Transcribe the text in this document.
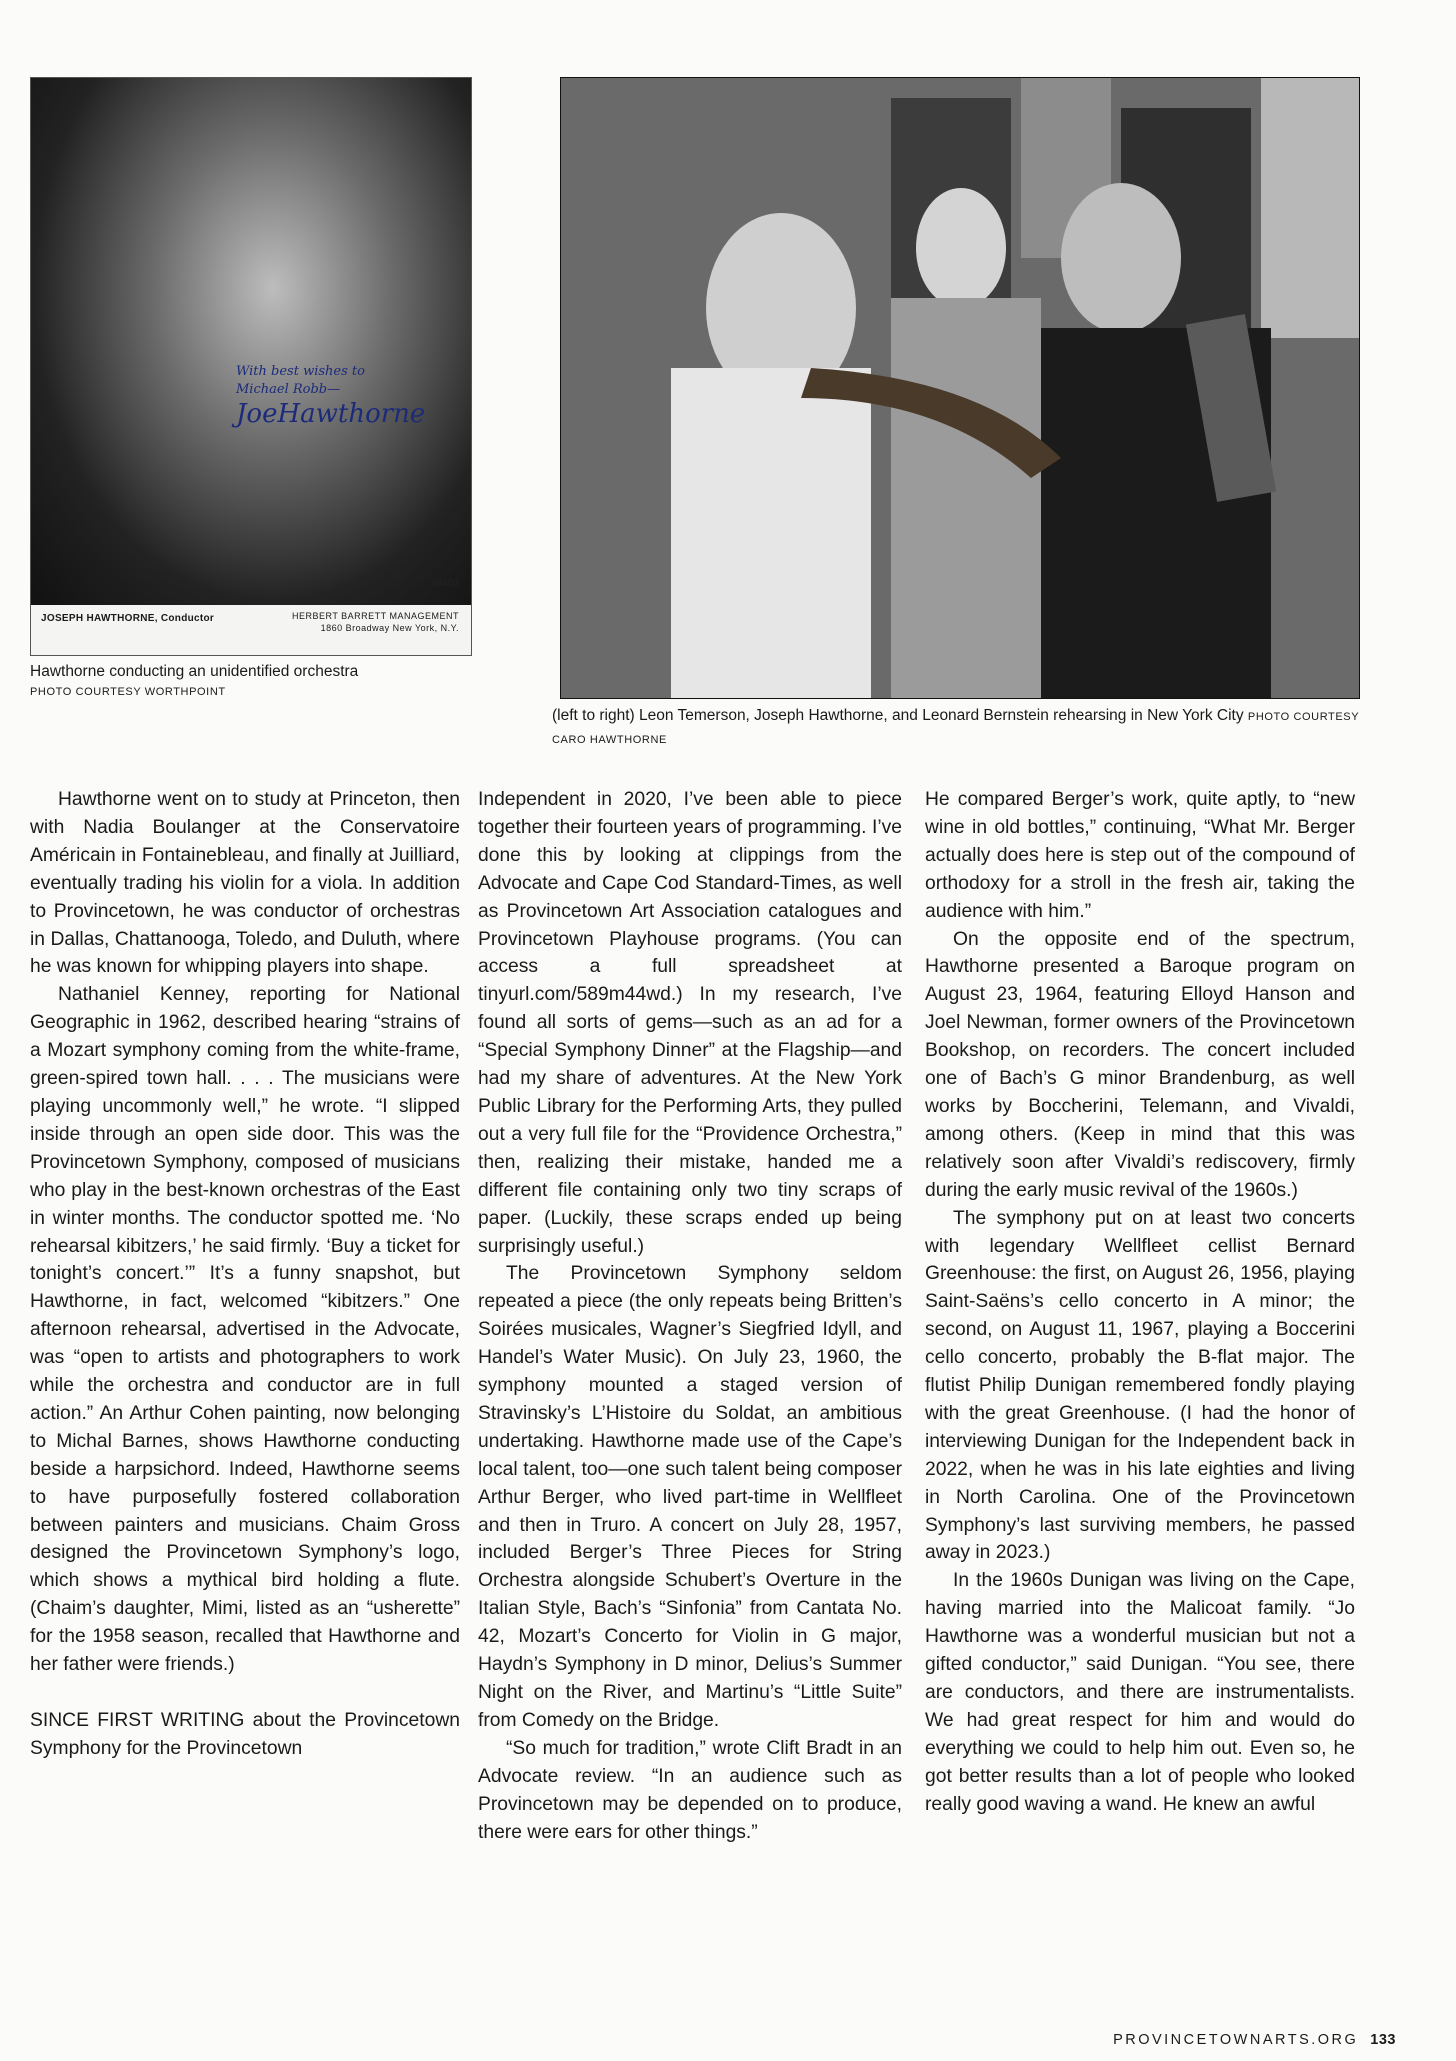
With best wishes to
Michael Robb—
JoeHawthorne
48403
JOSEPH HAWTHORNE, Conductor	HERBERT BARRETT MANAGEMENT
1860 Broadway New York, N.Y.
Hawthorne conducting an unidentified orchestra
PHOTO COURTESY WORTHPOINT
(left to right) Leon Temerson, Joseph Hawthorne, and Leonard Bernstein rehearsing in New York City PHOTO COURTESY CARO HAWTHORNE

Hawthorne went on to study at Princeton, then with Nadia Boulanger at the Conservatoire Américain in Fontainebleau, and finally at Juilliard, eventually trading his violin for a viola. In addition to Provincetown, he was conductor of orchestras in Dallas, Chattanooga, Toledo, and Duluth, where he was known for whipping players into shape.

Nathaniel Kenney, reporting for National Geographic in 1962, described hearing “strains of a Mozart symphony coming from the white-frame, green-spired town hall. . . . The musicians were playing uncommonly well,” he wrote. “I slipped inside through an open side door. This was the Provincetown Symphony, composed of musicians who play in the best-known orchestras of the East in winter months. The conductor spotted me. ‘No rehearsal kibitzers,’ he said firmly. ‘Buy a ticket for tonight’s concert.’” It’s a funny snapshot, but Hawthorne, in fact, welcomed “kibitzers.” One afternoon rehearsal, advertised in the Advocate, was “open to artists and photographers to work while the orchestra and conductor are in full action.” An Arthur Cohen painting, now belonging to Michal Barnes, shows Hawthorne conducting beside a harpsichord. Indeed, Hawthorne seems to have purposefully fostered collaboration between painters and musicians. Chaim Gross designed the Provincetown Symphony’s logo, which shows a mythical bird holding a flute. (Chaim’s daughter, Mimi, listed as an “usherette” for the 1958 season, recalled that Hawthorne and her father were friends.)

SINCE FIRST WRITING about the Provincetown Symphony for the Provincetown

Independent in 2020, I’ve been able to piece together their fourteen years of programming. I’ve done this by looking at clippings from the Advocate and Cape Cod Standard-Times, as well as Provincetown Art Association catalogues and Provincetown Playhouse programs. (You can access a full spreadsheet at tinyurl.com/589m44wd.) In my research, I’ve found all sorts of gems—such as an ad for a “Special Symphony Dinner” at the Flagship—and had my share of adventures. At the New York Public Library for the Performing Arts, they pulled out a very full file for the “Providence Orchestra,” then, realizing their mistake, handed me a different file containing only two tiny scraps of paper. (Luckily, these scraps ended up being surprisingly useful.)

The Provincetown Symphony seldom repeated a piece (the only repeats being Britten’s Soirées musicales, Wagner’s Siegfried Idyll, and Handel’s Water Music). On July 23, 1960, the symphony mounted a staged version of Stravinsky’s L’Histoire du Soldat, an ambitious undertaking. Hawthorne made use of the Cape’s local talent, too—one such talent being composer Arthur Berger, who lived part-time in Wellfleet and then in Truro. A concert on July 28, 1957, included Berger’s Three Pieces for String Orchestra alongside Schubert’s Overture in the Italian Style, Bach’s “Sinfonia” from Cantata No. 42, Mozart’s Concerto for Violin in G major, Haydn’s Symphony in D minor, Delius’s Summer Night on the River, and Martinu’s “Little Suite” from Comedy on the Bridge.

“So much for tradition,” wrote Clift Bradt in an Advocate review. “In an audience such as Provincetown may be depended on to produce, there were ears for other things.”

He compared Berger’s work, quite aptly, to “new wine in old bottles,” continuing, “What Mr. Berger actually does here is step out of the compound of orthodoxy for a stroll in the fresh air, taking the audience with him.”

On the opposite end of the spectrum, Hawthorne presented a Baroque program on August 23, 1964, featuring Elloyd Hanson and Joel Newman, former owners of the Provincetown Bookshop, on recorders. The concert included one of Bach’s G minor Brandenburg, as well works by Boccherini, Telemann, and Vivaldi, among others. (Keep in mind that this was relatively soon after Vivaldi’s rediscovery, firmly during the early music revival of the 1960s.)

The symphony put on at least two concerts with legendary Wellfleet cellist Bernard Greenhouse: the first, on August 26, 1956, playing Saint-Saëns’s cello concerto in A minor; the second, on August 11, 1967, playing a Boccerini cello concerto, probably the B-flat major. The flutist Philip Dunigan remembered fondly playing with the great Greenhouse. (I had the honor of interviewing Dunigan for the Independent back in 2022, when he was in his late eighties and living in North Carolina. One of the Provincetown Symphony’s last surviving members, he passed away in 2023.)

In the 1960s Dunigan was living on the Cape, having married into the Malicoat family. “Jo Hawthorne was a wonderful musician but not a gifted conductor,” said Dunigan. “You see, there are conductors, and there are instrumentalists. We had great respect for him and would do everything we could to help him out. Even so, he got better results than a lot of people who looked really good waving a wand. He knew an awful

PROVINCETOWNARTS.ORG 133
